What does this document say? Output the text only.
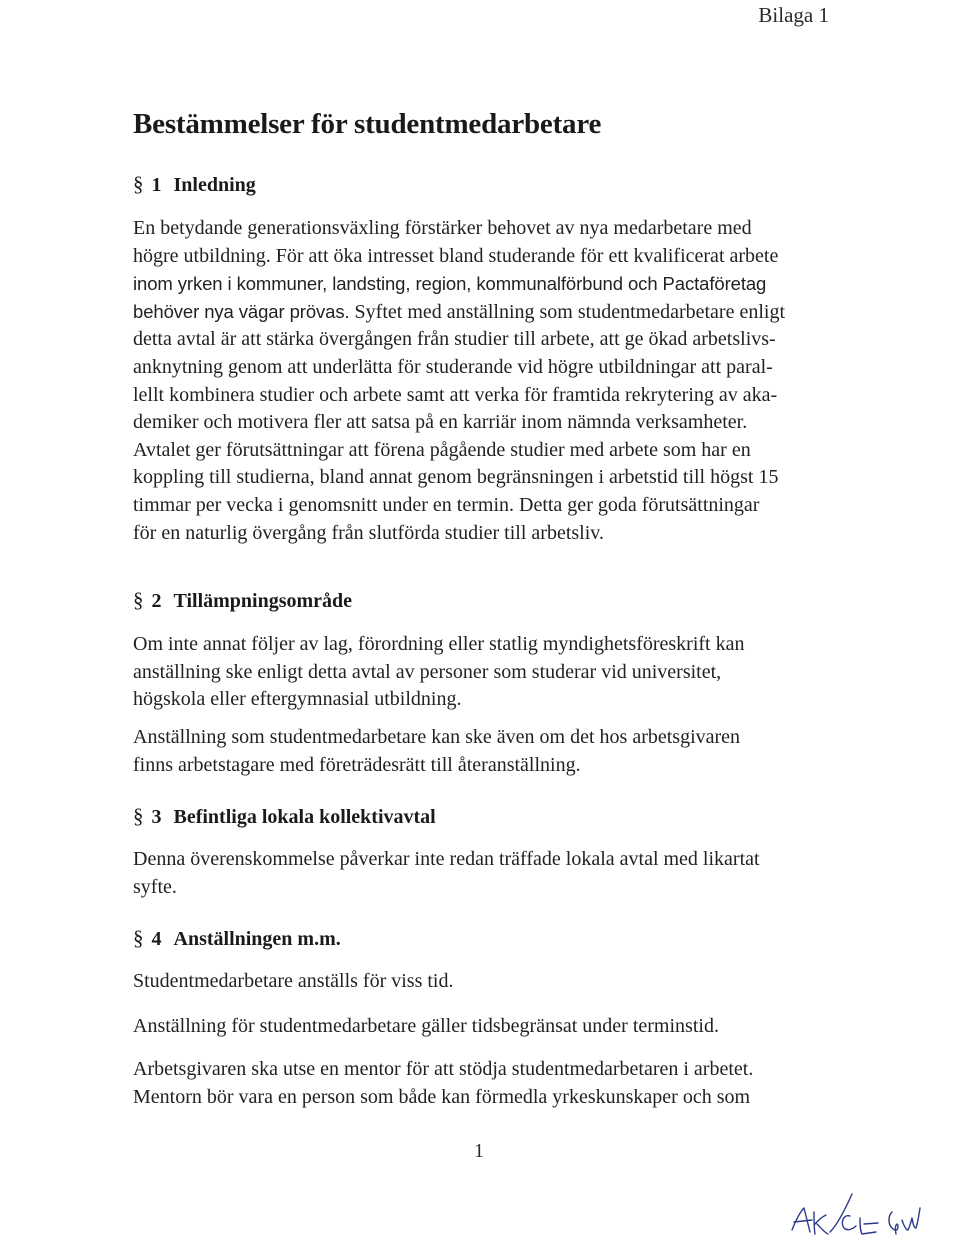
Bilaga 1
Bestämmelser för studentmedarbetare
§ 1 Inledning
En betydande generationsväxling förstärker behovet av nya medarbetare med
högre utbildning. För att öka intresset bland studerande för ett kvalificerat arbete
inom yrken i kommuner, landsting, region, kommunalförbund och Pactaföretag
behöver nya vägar prövas. Syftet med anställning som studentmedarbetare enligt
detta avtal är att stärka övergången från studier till arbete, att ge ökad arbetslivs-
anknytning genom att underlätta för studerande vid högre utbildningar att paral-
lellt kombinera studier och arbete samt att verka för framtida rekrytering av aka-
demiker och motivera fler att satsa på en karriär inom nämnda verksamheter.
Avtalet ger förutsättningar att förena pågående studier med arbete som har en
koppling till studierna, bland annat genom begränsningen i arbetstid till högst 15
timmar per vecka i genomsnitt under en termin. Detta ger goda förutsättningar
för en naturlig övergång från slutförda studier till arbetsliv.
§ 2 Tillämpningsområde
Om inte annat följer av lag, förordning eller statlig myndighetsföreskrift kan
anställning ske enligt detta avtal av personer som studerar vid universitet,
högskola eller eftergymnasial utbildning.
Anställning som studentmedarbetare kan ske även om det hos arbetsgivaren
finns arbetstagare med företrädesrätt till återanställning.
§ 3 Befintliga lokala kollektivavtal
Denna överenskommelse påverkar inte redan träffade lokala avtal med likartat
syfte.
§ 4 Anställningen m.m.
Studentmedarbetare anställs för viss tid.
Anställning för studentmedarbetare gäller tidsbegränsat under terminstid.
Arbetsgivaren ska utse en mentor för att stödja studentmedarbetaren i arbetet.
Mentorn bör vara en person som både kan förmedla yrkeskunskaper och som
1
